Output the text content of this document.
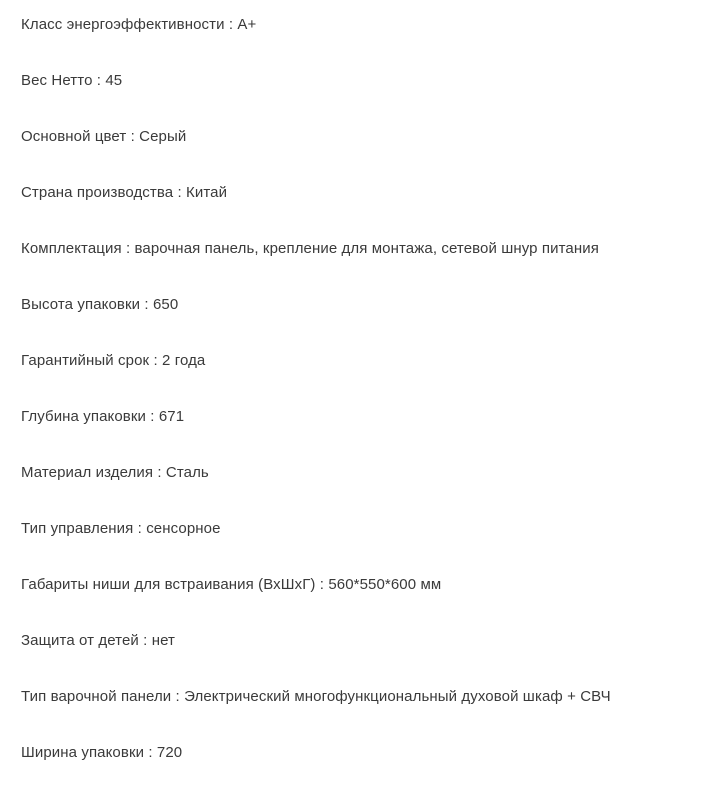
Класс энергоэффективности : A+

Вес Нетто : 45

Основной цвет : Серый

Страна производства : Китай

Комплектация : варочная панель, крепление для монтажа, сетевой шнур питания

Высота упаковки : 650

Гарантийный срок : 2 года

Глубина упаковки : 671

Материал изделия : Сталь

Тип управления : сенсорное

Габариты ниши для встраивания (ВхШхГ) : 560*550*600 мм

Защита от детей : нет

Тип варочной панели : Электрический многофункциональный духовой шкаф + СВЧ

Ширина упаковки : 720
